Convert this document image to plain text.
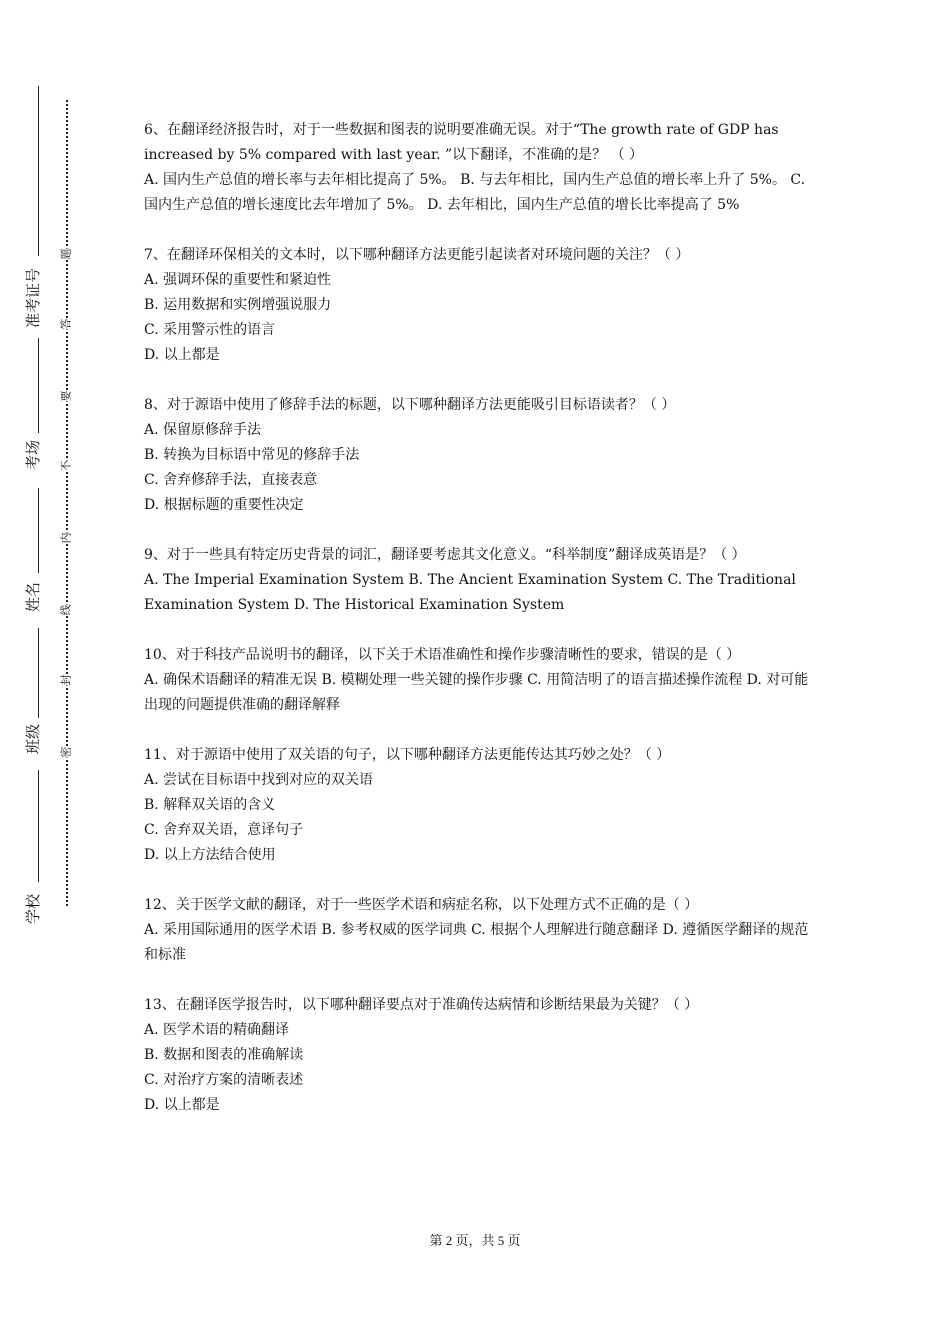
准考证号
考场
姓名
班级
学校
题
答
要
不
内
线
封
密

6、在翻译经济报告时，对于一些数据和图表的说明要准确无误。对于“The growth rate of GDP has increased by 5% compared with last year. ”以下翻译，不准确的是？ （ ）

A. 国内生产总值的增长率与去年相比提高了 5%。 B. 与去年相比，国内生产总值的增长率上升了 5%。 C. 国内生产总值的增长速度比去年增加了 5%。 D. 去年相比，国内生产总值的增长比率提高了 5%

7、在翻译环保相关的文本时，以下哪种翻译方法更能引起读者对环境问题的关注？（ ）

A. 强调环保的重要性和紧迫性

B. 运用数据和实例增强说服力

C. 采用警示性的语言

D. 以上都是

8、对于源语中使用了修辞手法的标题，以下哪种翻译方法更能吸引目标语读者？（ ）

A. 保留原修辞手法

B. 转换为目标语中常见的修辞手法

C. 舍弃修辞手法，直接表意

D. 根据标题的重要性决定

9、对于一些具有特定历史背景的词汇，翻译要考虑其文化意义。“科举制度”翻译成英语是？（ ）

A. The Imperial Examination System B. The Ancient Examination System C. The Traditional Examination System D. The Historical Examination System

10、对于科技产品说明书的翻译，以下关于术语准确性和操作步骤清晰性的要求，错误的是（ ）

A. 确保术语翻译的精准无误 B. 模糊处理一些关键的操作步骤 C. 用简洁明了的语言描述操作流程 D. 对可能出现的问题提供准确的翻译解释

11、对于源语中使用了双关语的句子，以下哪种翻译方法更能传达其巧妙之处？（ ）

A. 尝试在目标语中找到对应的双关语

B. 解释双关语的含义

C. 舍弃双关语，意译句子

D. 以上方法结合使用

12、关于医学文献的翻译，对于一些医学术语和病症名称，以下处理方式不正确的是（ ）

A. 采用国际通用的医学术语 B. 参考权威的医学词典 C. 根据个人理解进行随意翻译 D. 遵循医学翻译的规范和标准

13、在翻译医学报告时，以下哪种翻译要点对于准确传达病情和诊断结果最为关键？（ ）

A. 医学术语的精确翻译

B. 数据和图表的准确解读

C. 对治疗方案的清晰表述

D. 以上都是

第 2 页，共 5 页
